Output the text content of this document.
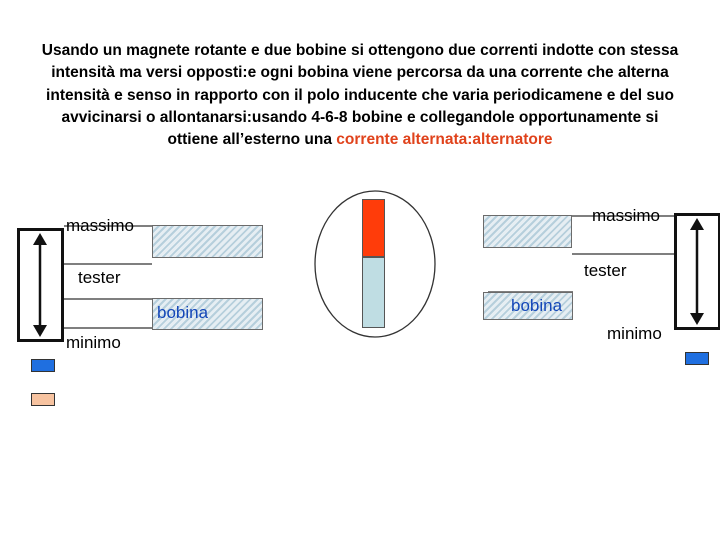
Usando un magnete rotante e due bobine si ottengono due correnti indotte con stessa intensità ma versi opposti:e ogni bobina viene percorsa da una corrente che alterna intensità e senso in rapporto con il polo inducente che varia periodicamene e del suo avvicinarsi o allontanarsi:usando 4-6-8 bobine e collegandole opportunamente si ottiene all’esterno una corrente alternata:alternatore
massimo
tester
bobina
minimo
massimo
tester
bobina
minimo
